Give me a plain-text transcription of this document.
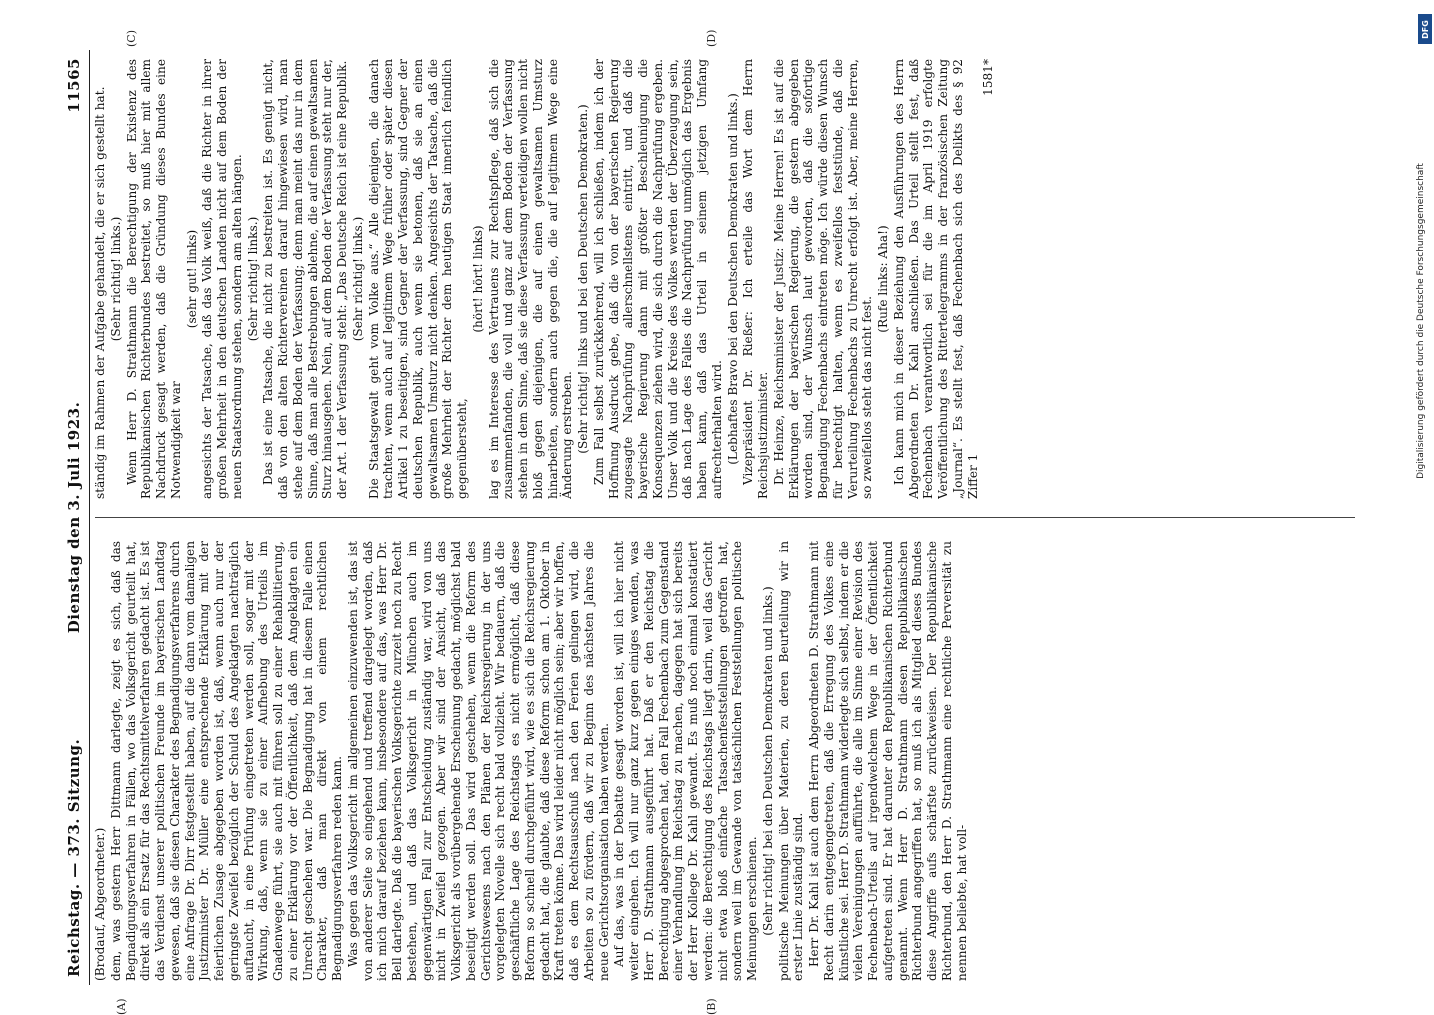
Reichstag. — 373. Sitzung.
Dienstag den 3. Juli 1923.
11565
(A)	(B)
(C)	(D)

(Brodauf, Abgeordneter.) dem, was gestern Herr Dittmann darlegte, zeigt es sich, daß das Begnadigungsverfahren in Fällen, wo das Volksgericht geurteilt hat, direkt als ein Ersatz für das Rechtsmittelverfahren gedacht ist. Es ist das Verdienst unserer politischen Freunde im bayerischen Landtag gewesen, daß sie diesen Charakter des Begnadigungsverfahrens durch eine Anfrage Dr. Dirr festgestellt haben, auf die dann vom damaligen Justizminister Dr. Müller eine entsprechende Erklärung mit der feierlichen Zusage abgegeben worden ist, daß, wenn auch nur der geringste Zweifel bezüglich der Schuld des Angeklagten nachträglich auftaucht, in eine Prüfung eingetreten werden soll, sogar mit der Wirkung, daß, wenn sie zu einer Aufhebung des Urteils im Gnadenwege führt, sie auch mit führen soll zu einer Rehabilitierung, zu einer Erklärung vor der Öffentlichkeit, daß dem Angeklagten ein Unrecht geschehen war. Die Begnadigung hat in diesem Falle einen Charakter, daß man direkt von einem rechtlichen Begnadigungsverfahren reden kann. Was gegen das Volksgericht im allgemeinen einzuwenden ist, das ist von anderer Seite so eingehend und treffend dargelegt worden, daß ich mich darauf beziehen kann, insbesondere auf das, was Herr Dr. Bell darlegte. Daß die bayerischen Volksgerichte zurzeit noch zu Recht bestehen, und daß das Volksgericht in München auch im gegenwärtigen Fall zur Entscheidung zuständig war, wird von uns nicht in Zweifel gezogen. Aber wir sind der Ansicht, daß das Volksgericht als vorübergehende Erscheinung gedacht, möglichst bald beseitigt werden soll. Das wird geschehen, wenn die Reform des Gerichtswesens nach den Plänen der Reichsregierung in der uns vorgelegten Novelle sich recht bald vollzieht. Wir bedauern, daß die geschäftliche Lage des Reichstags es nicht ermöglicht, daß diese Reform so schnell durchgeführt wird, wie es sich die Reichsregierung gedacht hat, die glaubte, daß diese Reform schon am 1. Oktober in Kraft treten könne. Das wird leider nicht möglich sein; aber wir hoffen, daß es dem Rechtsausschuß nach den Ferien gelingen wird, die Arbeiten so zu fördern, daß wir zu Beginn des nächsten Jahres die neue Gerichtsorganisation haben werden. Auf das, was in der Debatte gesagt worden ist, will ich hier nicht weiter eingehen. Ich will nur ganz kurz gegen einiges wenden, was Herr D. Strathmann ausgeführt hat. Daß er den Reichstag die Berechtigung abgesprochen hat, den Fall Fechenbach zum Gegenstand einer Verhandlung im Reichstag zu machen, dagegen hat sich bereits der Herr Kollege Dr. Kahl gewandt. Es muß noch einmal konstatiert werden: die Berechtigung des Reichstags liegt darin, weil das Gericht nicht etwa bloß einfache Tatsachenfeststellungen getroffen hat, sondern weil im Gewande von tatsächlichen Feststellungen politische Meinungen erschienen. (Sehr richtig! bei den Deutschen Demokraten und links.) politische Meinungen über Materien, zu deren Beurteilung wir in erster Linie zuständig sind. Herr Dr. Kahl ist auch dem Herrn Abgeordneten D. Strathmann mit Recht darin entgegengetreten, daß die Erregung des Volkes eine künstliche sei. Herr D. Strathmann widerlegte sich selbst, indem er die vielen Vereinigungen aufführte, die alle im Sinne einer Revision des Fechenbach-Urteils auf irgendwelchem Wege in der Öffentlichkeit aufgetreten sind. Er hat darunter den Republikanischen Richterbund genannt. Wenn Herr D. Strathmann diesen Republikanischen Richterbund angegriffen hat, so muß ich als Mitglied dieses Bundes diese Angriffe aufs schärfste zurückweisen. Der Republikanische Richterbund, den Herr D. Strathmann eine rechtliche Perversität zu nennen beliebte, hat voll-

ständig im Rahmen der Aufgabe gehandelt, die er sich gestellt hat. (Sehr richtig! links.) Wenn Herr D. Strathmann die Berechtigung der Existenz des Republikanischen Richterbundes bestreitet, so muß hier mit allem Nachdruck gesagt werden, daß die Gründung dieses Bundes eine Notwendigkeit war

(sehr gut! links) angesichts der Tatsache, daß das Volk weiß, daß die Richter in ihrer großen Mehrheit in den deutschen Landen nicht auf dem Boden der neuen Staatsordnung stehen, sondern am alten hängen. (Sehr richtig! links.) Das ist eine Tatsache, die nicht zu bestreiten ist. Es genügt nicht, daß von den alten Richtervereinen darauf hingewiesen wird, man stehe auf dem Boden der Verfassung; denn man meint das nur in dem Sinne, daß man alle Bestrebungen ablehne, die auf einen gewaltsamen Sturz hinausgehen. Nein, auf dem Boden der Verfassung steht nur der, der Art. 1 der Verfassung steht: „Das Deutsche Reich ist eine Republik. (Sehr richtig! links.) Die Staatsgewalt geht vom Volke aus.“ Alle diejenigen, die danach trachten, wenn auch auf legitimem Wege früher oder später diesen Artikel 1 zu beseitigen, sind Gegner der Verfassung, sind Gegner der deutschen Republik, auch wenn sie betonen, daß sie an einen gewaltsamen Umsturz nicht denken. Angesichts der Tatsache, daß die große Mehrheit der Richter dem heutigen Staat innerlich feindlich gegenübersteht,

(hört! hört! links) lag es im Interesse des Vertrauens zur Rechtspflege, daß sich die zusammenfanden, die voll und ganz auf dem Boden der Verfassung stehen in dem Sinne, daß sie diese Verfassung verteidigen wollen nicht bloß gegen diejenigen, die auf einen gewaltsamen Umsturz hinarbeiten, sondern auch gegen die, die auf legitimem Wege eine Änderung erstreben. (Sehr richtig! links und bei den Deutschen Demokraten.) Zum Fall selbst zurückkehrend, will ich schließen, indem ich der Hoffnung Ausdruck gebe, daß die von der bayerischen Regierung zugesagte Nachprüfung allerschnellstens eintritt, und daß die bayerische Regierung dann mit größter Beschleunigung die Konsequenzen ziehen wird, die sich durch die Nachprüfung ergeben. Unser Volk und die Kreise des Volkes werden der Überzeugung sein, daß nach Lage des Falles die Nachprüfung unmöglich das Ergebnis haben kann, daß das Urteil in seinem jetzigen Umfang aufrechterhalten wird. (Lebhaftes Bravo bei den Deutschen Demokraten und links.) Vizepräsident Dr. Rießer: Ich erteile das Wort dem Herrn Reichsjustizminister. Dr. Heinze, Reichsminister der Justiz: Meine Herren! Es ist auf die Erklärungen der bayerischen Regierung, die gestern abgegeben worden sind, der Wunsch laut geworden, daß die sofortige Begnadigung Fechenbachs eintreten möge. Ich würde diesen Wunsch für berechtigt halten, wenn es zweifellos feststünde, daß die Verurteilung Fechenbachs zu Unrecht erfolgt ist. Aber, meine Herren, so zweifellos steht das nicht fest.

(Rufe links: Aha!) Ich kann mich in dieser Beziehung den Ausführungen des Herrn Abgeordneten Dr. Kahl anschließen. Das Urteil stellt fest, daß Fechenbach verantwortlich sei für die im April 1919 erfolgte Veröffentlichung des Rittertelegramms in der französischen Zeitung „Journal“. Es stellt fest, daß Fechenbach sich des Delikts des § 92 Ziffer 1

1581*

DFG
Digitalisierung gefördert durch die Deutsche Forschungsgemeinschaft
